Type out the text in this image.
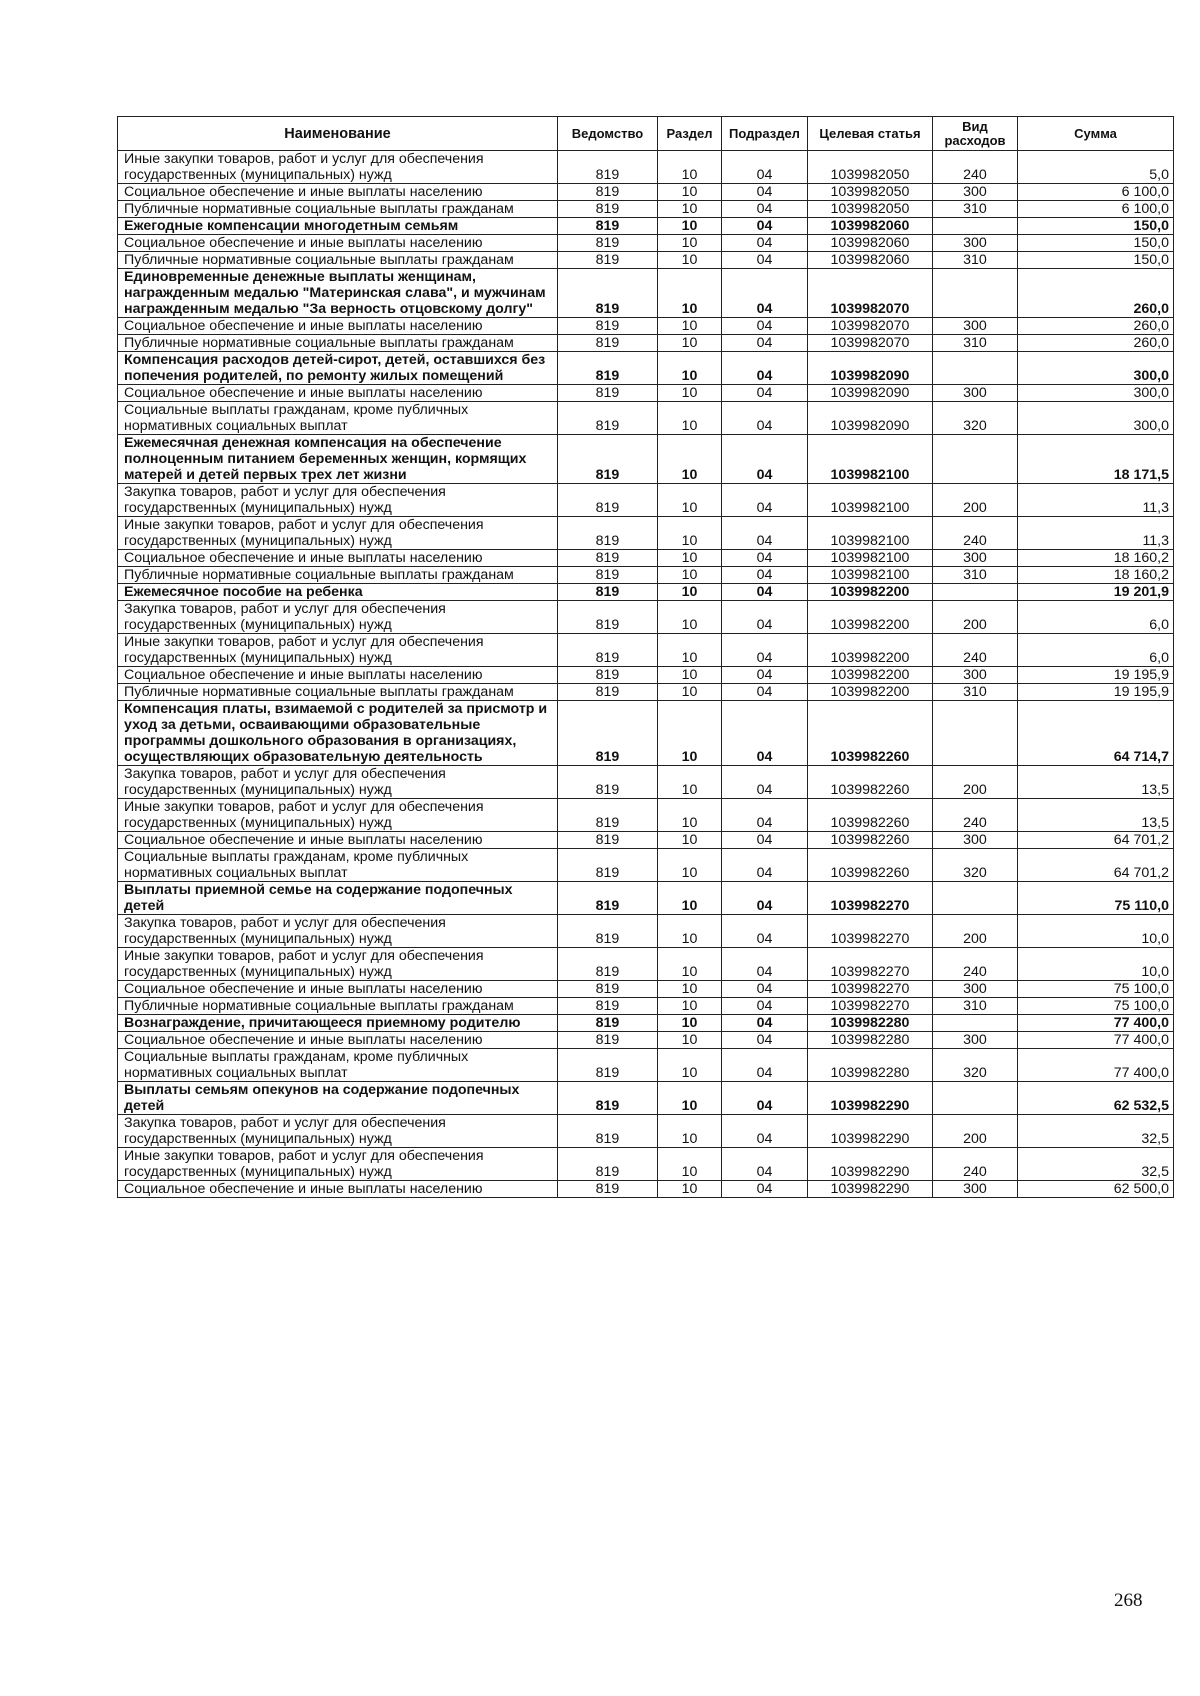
Наименование	Ведомство	Раздел	Подраздел	Целевая статья	Вид расходов	Сумма
Иные закупки товаров, работ и услуг для обеспечения государственных (муниципальных) нужд	819	10	04	1039982050	240	5,0
Социальное обеспечение и иные выплаты населению	819	10	04	1039982050	300	6 100,0
Публичные нормативные социальные выплаты гражданам	819	10	04	1039982050	310	6 100,0
Ежегодные компенсации многодетным семьям	819	10	04	1039982060		150,0
Социальное обеспечение и иные выплаты населению	819	10	04	1039982060	300	150,0
Публичные нормативные социальные выплаты гражданам	819	10	04	1039982060	310	150,0
Единовременные денежные выплаты женщинам, награжденным медалью "Материнская слава", и мужчинам награжденным медалью "За верность отцовскому долгу"	819	10	04	1039982070		260,0
Социальное обеспечение и иные выплаты населению	819	10	04	1039982070	300	260,0
Публичные нормативные социальные выплаты гражданам	819	10	04	1039982070	310	260,0
Компенсация расходов детей-сирот, детей, оставшихся без попечения родителей, по ремонту жилых помещений	819	10	04	1039982090		300,0
Социальное обеспечение и иные выплаты населению	819	10	04	1039982090	300	300,0
Социальные выплаты гражданам, кроме публичных нормативных социальных выплат	819	10	04	1039982090	320	300,0
Ежемесячная денежная компенсация на обеспечение полноценным питанием беременных женщин, кормящих матерей и детей первых трех лет жизни	819	10	04	1039982100		18 171,5
Закупка товаров, работ и услуг для обеспечения государственных (муниципальных) нужд	819	10	04	1039982100	200	11,3
Иные закупки товаров, работ и услуг для обеспечения государственных (муниципальных) нужд	819	10	04	1039982100	240	11,3
Социальное обеспечение и иные выплаты населению	819	10	04	1039982100	300	18 160,2
Публичные нормативные социальные выплаты гражданам	819	10	04	1039982100	310	18 160,2
Ежемесячное пособие на ребенка	819	10	04	1039982200		19 201,9
Закупка товаров, работ и услуг для обеспечения государственных (муниципальных) нужд	819	10	04	1039982200	200	6,0
Иные закупки товаров, работ и услуг для обеспечения государственных (муниципальных) нужд	819	10	04	1039982200	240	6,0
Социальное обеспечение и иные выплаты населению	819	10	04	1039982200	300	19 195,9
Публичные нормативные социальные выплаты гражданам	819	10	04	1039982200	310	19 195,9
Компенсация платы, взимаемой с родителей за присмотр и уход за детьми, осваивающими образовательные программы дошкольного образования в организациях, осуществляющих образовательную деятельность	819	10	04	1039982260		64 714,7
Закупка товаров, работ и услуг для обеспечения государственных (муниципальных) нужд	819	10	04	1039982260	200	13,5
Иные закупки товаров, работ и услуг для обеспечения государственных (муниципальных) нужд	819	10	04	1039982260	240	13,5
Социальное обеспечение и иные выплаты населению	819	10	04	1039982260	300	64 701,2
Социальные выплаты гражданам, кроме публичных нормативных социальных выплат	819	10	04	1039982260	320	64 701,2
Выплаты приемной семье на содержание подопечных детей	819	10	04	1039982270		75 110,0
Закупка товаров, работ и услуг для обеспечения государственных (муниципальных) нужд	819	10	04	1039982270	200	10,0
Иные закупки товаров, работ и услуг для обеспечения государственных (муниципальных) нужд	819	10	04	1039982270	240	10,0
Социальное обеспечение и иные выплаты населению	819	10	04	1039982270	300	75 100,0
Публичные нормативные социальные выплаты гражданам	819	10	04	1039982270	310	75 100,0
Вознаграждение, причитающееся приемному родителю	819	10	04	1039982280		77 400,0
Социальное обеспечение и иные выплаты населению	819	10	04	1039982280	300	77 400,0
Социальные выплаты гражданам, кроме публичных нормативных социальных выплат	819	10	04	1039982280	320	77 400,0
Выплаты семьям опекунов на содержание подопечных детей	819	10	04	1039982290		62 532,5
Закупка товаров, работ и услуг для обеспечения государственных (муниципальных) нужд	819	10	04	1039982290	200	32,5
Иные закупки товаров, работ и услуг для обеспечения государственных (муниципальных) нужд	819	10	04	1039982290	240	32,5
Социальное обеспечение и иные выплаты населению	819	10	04	1039982290	300	62 500,0
268
